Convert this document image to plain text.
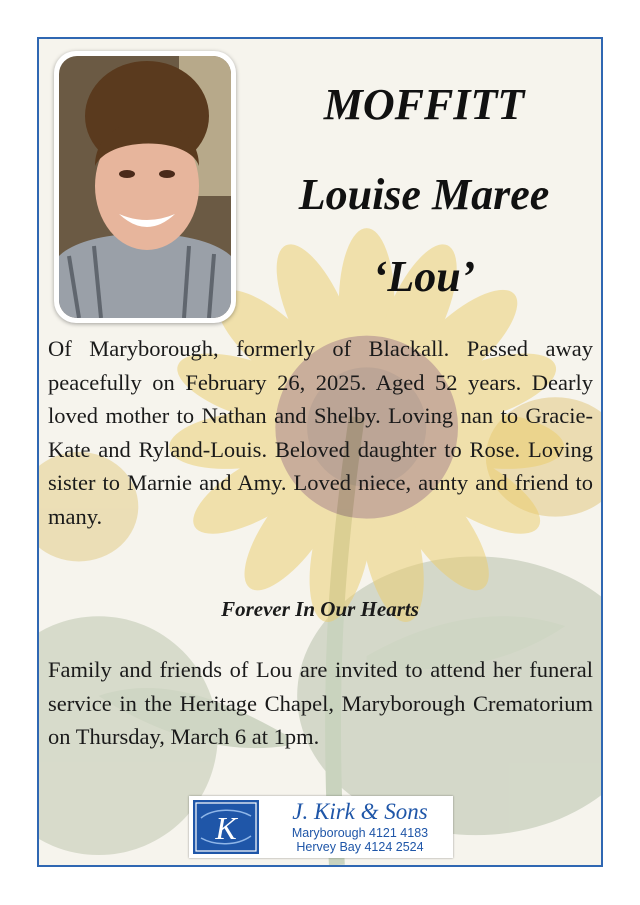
MOFFITT
Louise Maree
‘Lou’
Of Maryborough, formerly of Blackall. Passed away peacefully on February 26, 2025. Aged 52 years. Dearly loved mother to Nathan and Shelby. Loving nan to Gracie-Kate and Ryland-Louis. Beloved daughter to Rose. Loving sister to Marnie and Amy. Loved niece, aunty and friend to many.
Forever In Our Hearts
Family and friends of Lou are invited to attend her funeral service in the Heritage Chapel, Maryborough Crematorium on Thursday, March 6 at 1pm.
K	J. Kirk & Sons
Maryborough 4121 4183
Hervey Bay 4124 2524
